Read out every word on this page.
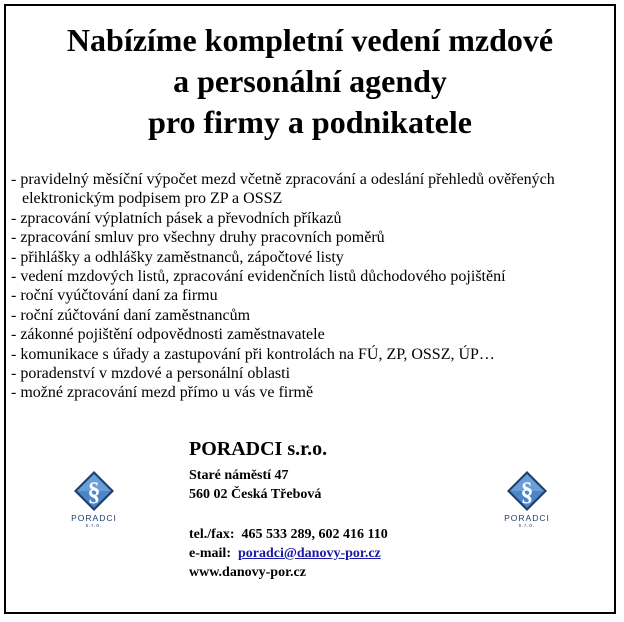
Nabízíme kompletní vedení mzdové
a personální agendy
pro firmy a podnikatele
- pravidelný měsíční výpočet mezd včetně zpracování a odeslání přehledů ověřených elektronickým podpisem pro ZP a OSSZ
- zpracování výplatních pásek a převodních příkazů
- zpracování smluv pro všechny druhy pracovních poměrů
- přihlášky a odhlášky zaměstnanců, zápočtové listy
- vedení mzdových listů, zpracování evidenčních listů důchodového pojištění
- roční vyúčtování daní za firmu
- roční zúčtování daní zaměstnancům
- zákonné pojištění odpovědnosti zaměstnavatele
- komunikace s úřady a zastupování při kontrolách na FÚ, ZP, OSSZ, ÚP…
- poradenství v mzdové a personální oblasti
- možné zpracování mezd přímo u vás ve firmě
§
PORADCI
s.r.o.
§
PORADCI
s.r.o.
PORADCI s.r.o.
Staré náměstí 47
560 02 Česká Třebová
tel./fax: 465 533 289, 602 416 110
e-mail: poradci@danovy-por.cz
www.danovy-por.cz
